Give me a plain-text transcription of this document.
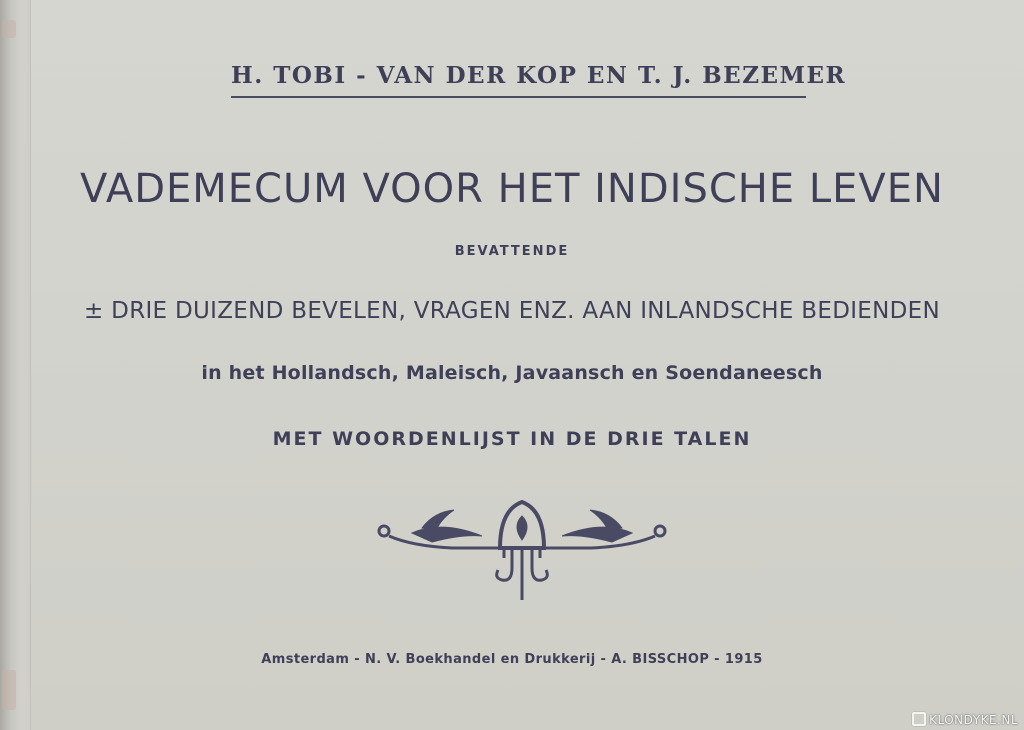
H. TOBI - VAN DER KOP EN T. J. BEZEMER
VADEMECUM VOOR HET INDISCHE LEVEN
BEVATTENDE
± DRIE DUIZEND BEVELEN, VRAGEN ENZ. AAN INLANDSCHE BEDIENDEN
in het Hollandsch, Maleisch, Javaansch en Soendaneesch
MET WOORDENLIJST IN DE DRIE TALEN
Amsterdam - N. V. Boekhandel en Drukkerij - A. BISSCHOP - 1915
KLONDYKE.NL
